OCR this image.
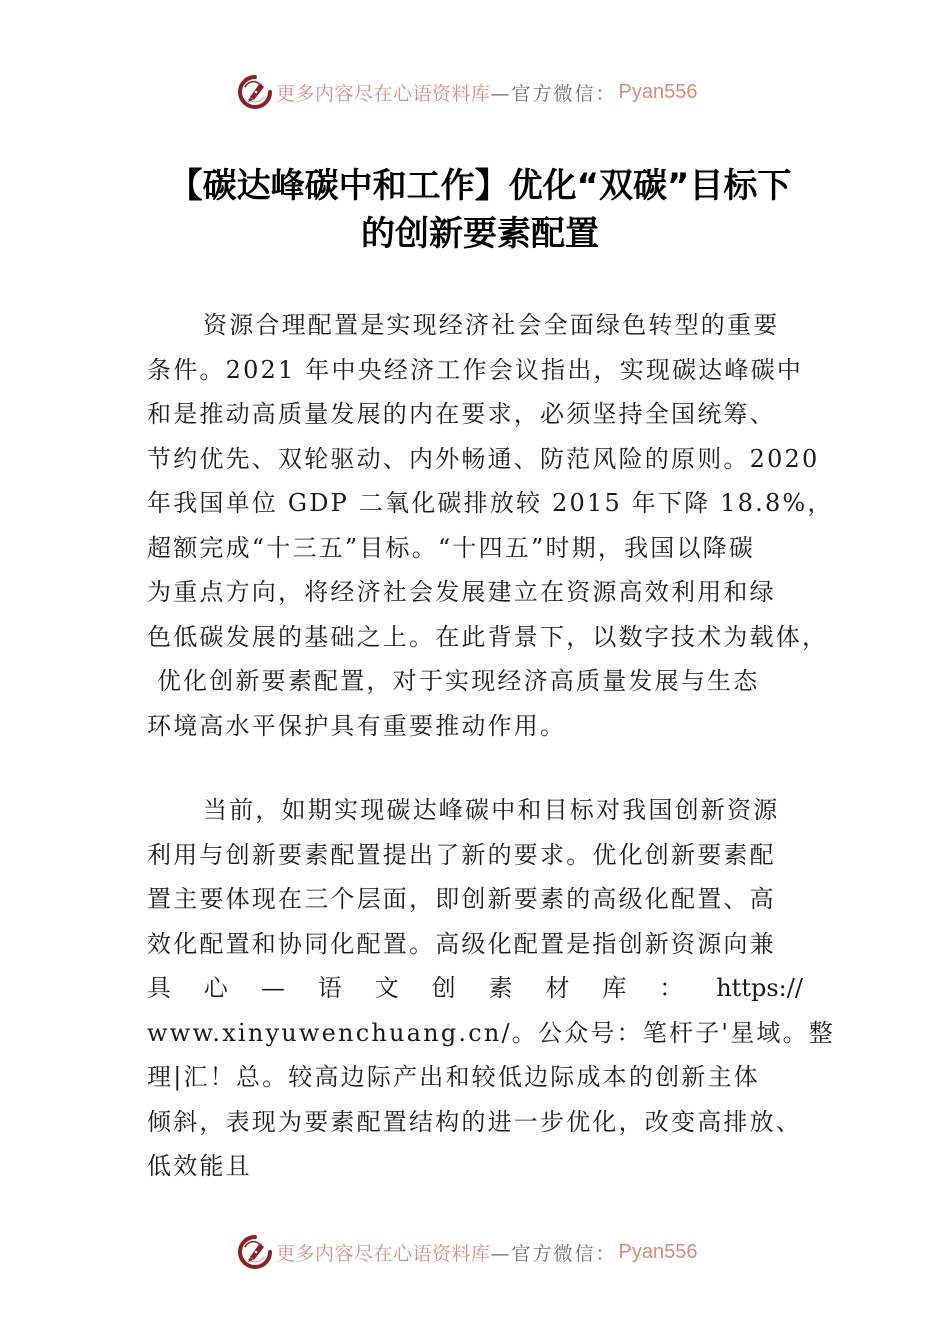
更多内容尽在心语资料库 —官方微信： Pyan556
【碳达峰碳中和工作】优化“双碳”目标下
的创新要素配置
资源合理配置是实现经济社会全面绿色转型的重要
条件。2021 年中央经济工作会议指出，实现碳达峰碳中
和是推动高质量发展的内在要求，必须坚持全国统筹、
节约优先、双轮驱动、内外畅通、防范风险的原则。2020
年我国单位 GDP 二氧化碳排放较 2015 年下降 18.8%，
超额完成“十三五”目标。“十四五”时期，我国以降碳
为重点方向，将经济社会发展建立在资源高效利用和绿
色低碳发展的基础之上。在此背景下，以数字技术为载体，
优化创新要素配置，对于实现经济高质量发展与生态
环境高水平保护具有重要推动作用。
当前，如期实现碳达峰碳中和目标对我国创新资源
利用与创新要素配置提出了新的要求。优化创新要素配
置主要体现在三个层面，即创新要素的高级化配置、高
效化配置和协同化配置。高级化配置是指创新资源向兼
具 心 — 语 文 创 素 材 库 ： https://
www.xinyuwenchuang.cn/。公众号：笔杆子'星域。整
理|汇！总。较高边际产出和较低边际成本的创新主体
倾斜，表现为要素配置结构的进一步优化，改变高排放、
低效能且
更多内容尽在心语资料库 —官方微信： Pyan556
